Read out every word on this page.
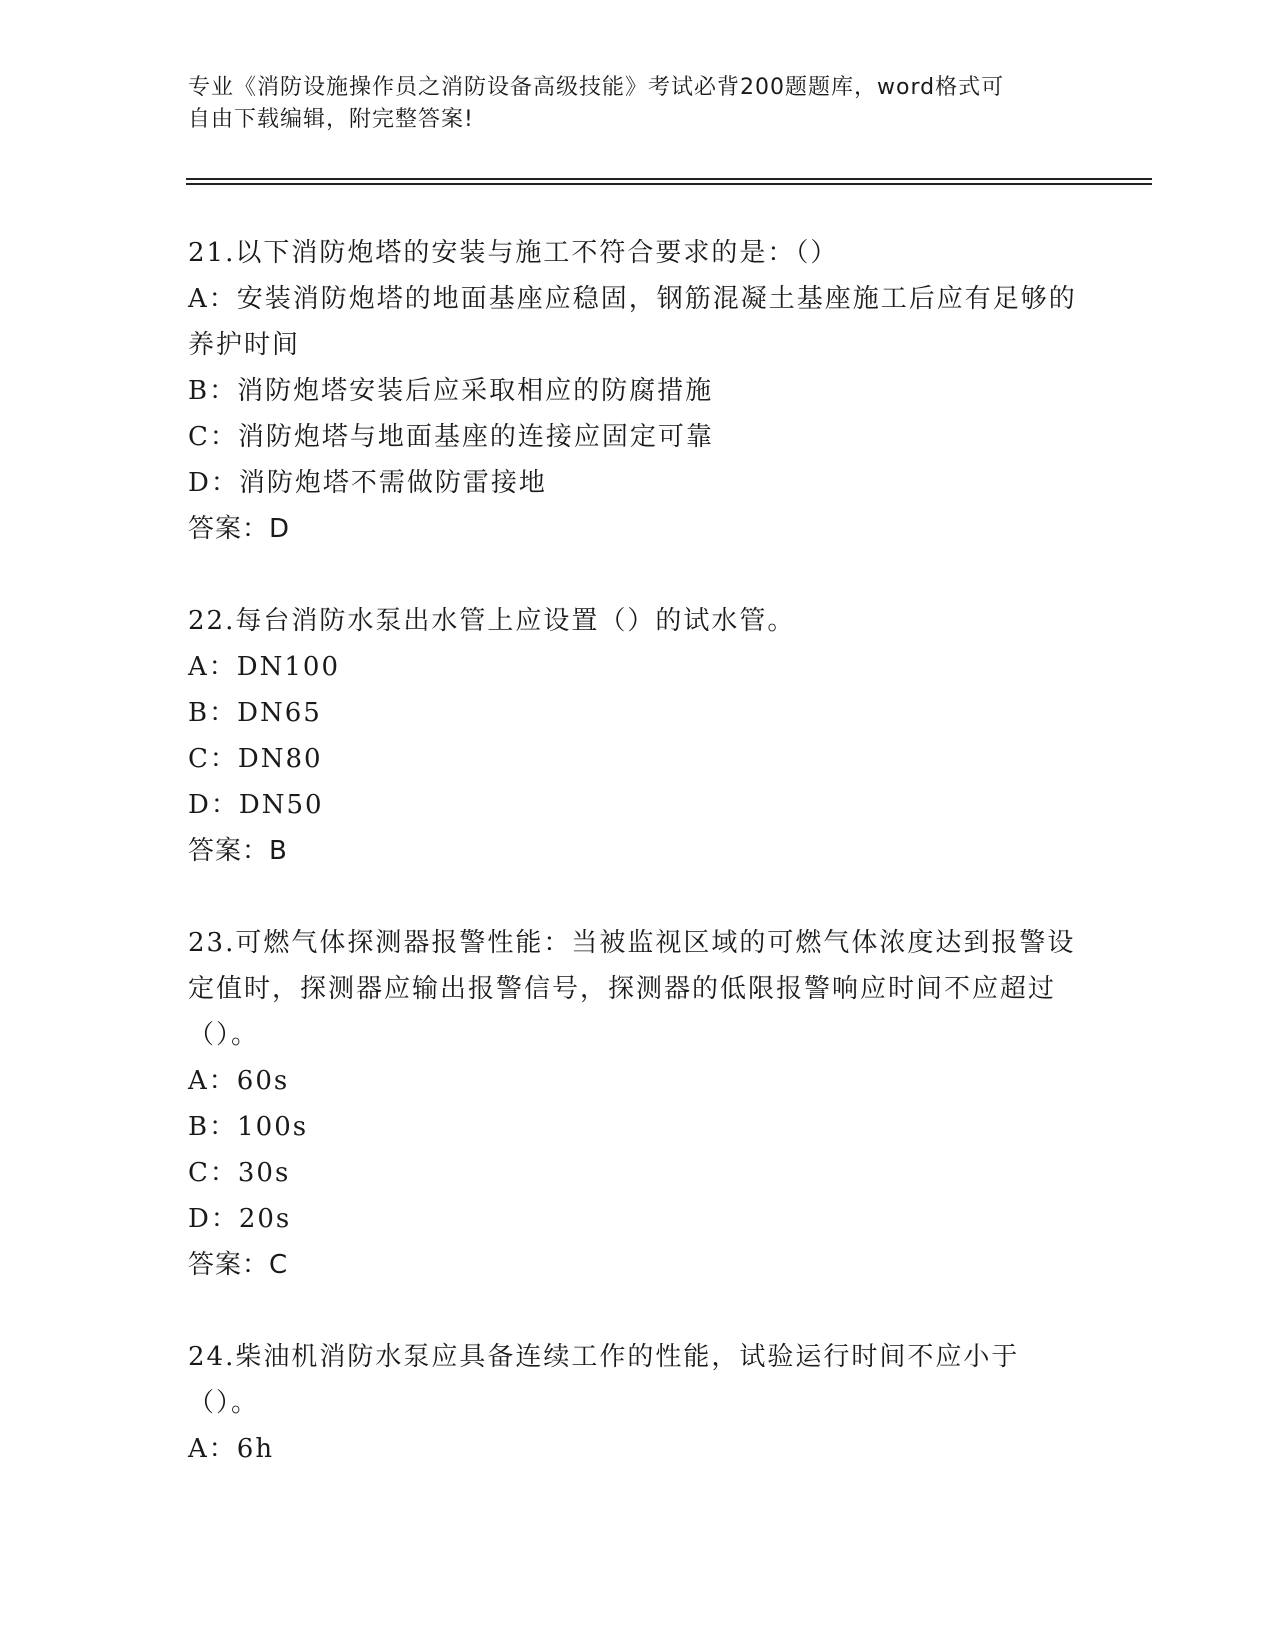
专业《消防设施操作员之消防设备高级技能》考试必背200题题库，word格式可
自由下载编辑，附完整答案!

21.以下消防炮塔的安装与施工不符合要求的是：（）

A：安装消防炮塔的地面基座应稳固，钢筋混凝土基座施工后应有足够的养护时间

B：消防炮塔安装后应采取相应的防腐措施

C：消防炮塔与地面基座的连接应固定可靠

D：消防炮塔不需做防雷接地

答案：D

22.每台消防水泵出水管上应设置（）的试水管。

A：DN100

B：DN65

C：DN80

D：DN50

答案：B

23.可燃气体探测器报警性能：当被监视区域的可燃气体浓度达到报警设定值时，探测器应输出报警信号，探测器的低限报警响应时间不应超过（）。

A：60s

B：100s

C：30s

D：20s

答案：C

24.柴油机消防水泵应具备连续工作的性能，试验运行时间不应小于（）。

A：6h
